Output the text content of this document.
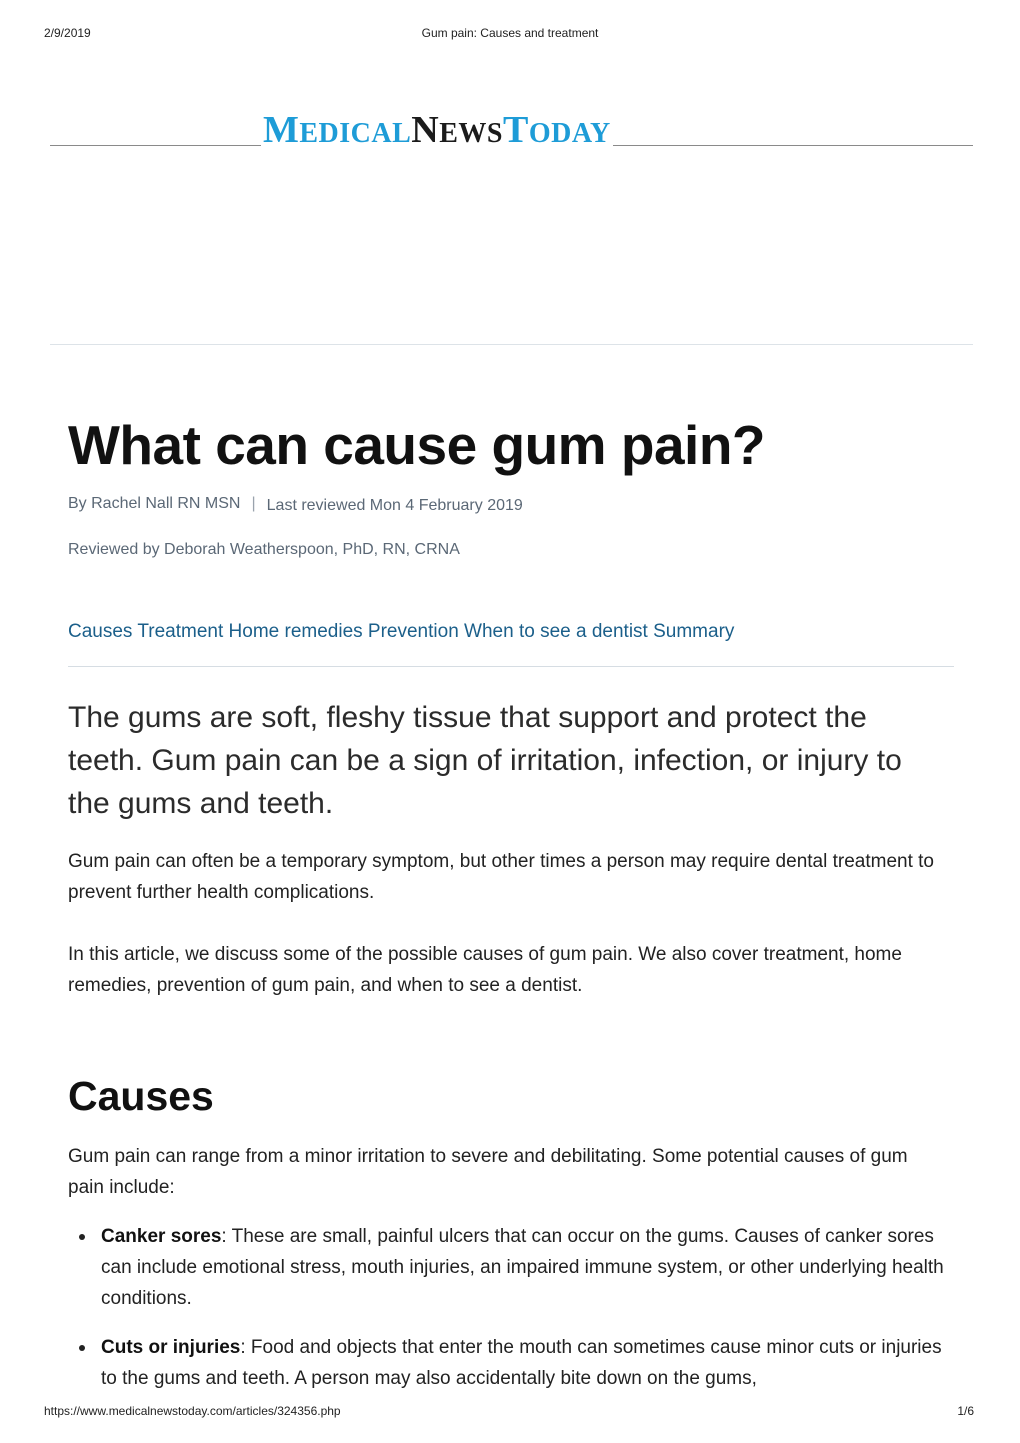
2/9/2019	Gum pain: Causes and treatment
MEDICALNEWSTODAY
What can cause gum pain?
By Rachel Nall RN MSN | Last reviewed Mon 4 February 2019
Reviewed by Deborah Weatherspoon, PhD, RN, CRNA
Causes Treatment Home remedies Prevention When to see a dentist Summary

The gums are soft, fleshy tissue that support and protect the teeth. Gum pain can be a sign of irritation, infection, or injury to the gums and teeth.

Gum pain can often be a temporary symptom, but other times a person may require dental treatment to prevent further health complications.

In this article, we discuss some of the possible causes of gum pain. We also cover treatment, home remedies, prevention of gum pain, and when to see a dentist.

Causes

Gum pain can range from a minor irritation to severe and debilitating. Some potential causes of gum pain include:

Canker sores: These are small, painful ulcers that can occur on the gums. Causes of canker sores can include emotional stress, mouth injuries, an impaired immune system, or other underlying health conditions.
Cuts or injuries: Food and objects that enter the mouth can sometimes cause minor cuts or injuries to the gums and teeth. A person may also accidentally bite down on the gums,
https://www.medicalnewstoday.com/articles/324356.php	1/6
